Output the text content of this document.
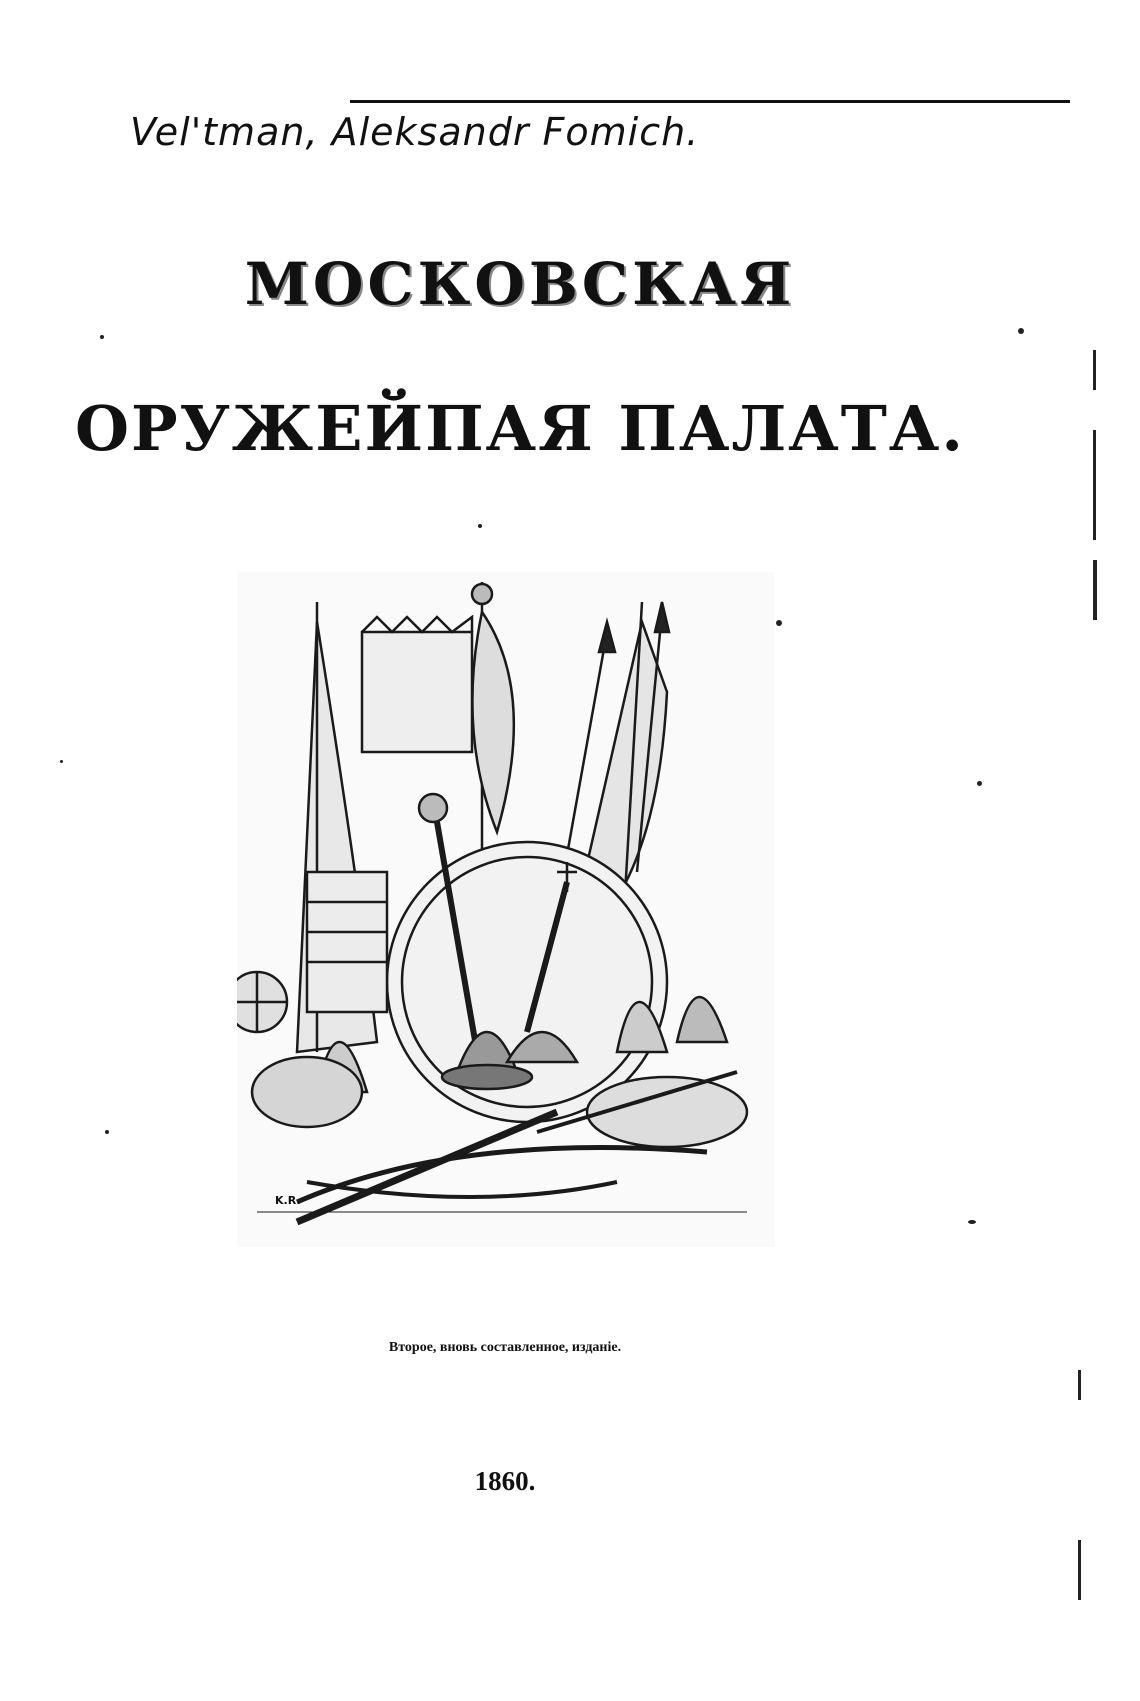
Vel'tman, Aleksandr Fomich.
МОСКОВСКАЯ
ОРУЖЕЙПАЯ ПАЛАТА.
K.R.
Второе, вновь составленное, изданіе.
1860.
